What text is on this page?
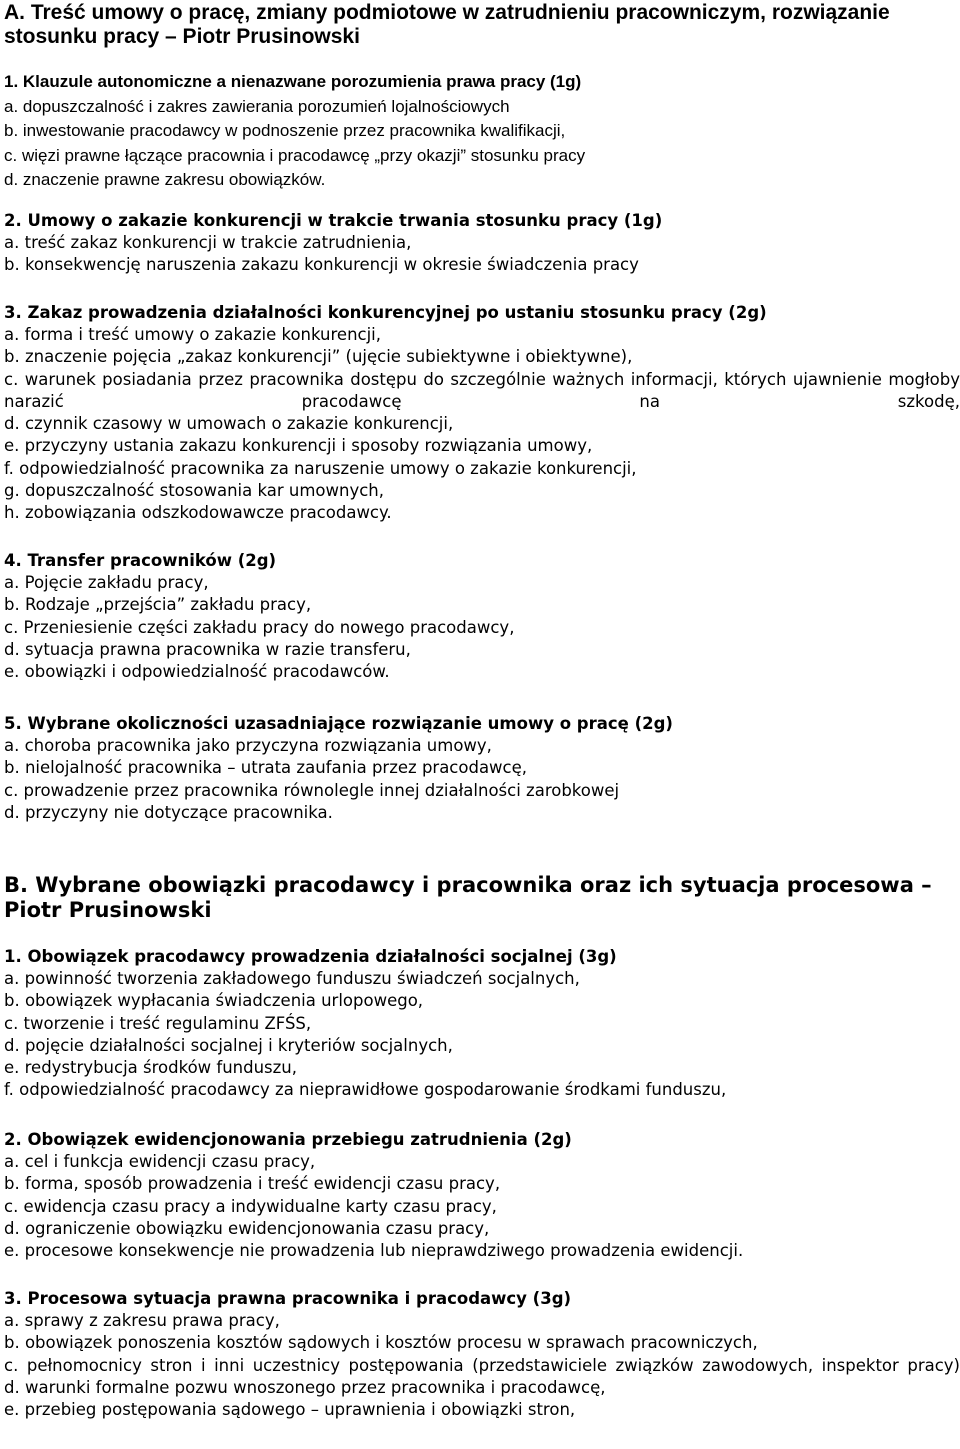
A. Treść umowy o pracę, zmiany podmiotowe w zatrudnieniu pracowniczym, rozwiązanie stosunku pracy – Piotr Prusinowski

1. Klauzule autonomiczne a nienazwane porozumienia prawa pracy (1g)

a. dopuszczalność i zakres zawierania porozumień lojalnościowych

b. inwestowanie pracodawcy w podnoszenie przez pracownika kwalifikacji,

c. więzi prawne łączące pracownia i pracodawcę „przy okazji” stosunku pracy

d. znaczenie prawne zakresu obowiązków.

2. Umowy o zakazie konkurencji w trakcie trwania stosunku pracy (1g)

a. treść zakaz konkurencji w trakcie zatrudnienia,

b. konsekwencję naruszenia zakazu konkurencji w okresie świadczenia pracy

3. Zakaz prowadzenia działalności konkurencyjnej po ustaniu stosunku pracy (2g)

a. forma i treść umowy o zakazie konkurencji,

b. znaczenie pojęcia „zakaz konkurencji” (ujęcie subiektywne i obiektywne),

c. warunek posiadania przez pracownika dostępu do szczególnie ważnych informacji, których ujawnienie mogłoby narazić pracodawcę na szkodę,

d. czynnik czasowy w umowach o zakazie konkurencji,

e. przyczyny ustania zakazu konkurencji i sposoby rozwiązania umowy,

f. odpowiedzialność pracownika za naruszenie umowy o zakazie konkurencji,

g. dopuszczalność stosowania kar umownych,

h. zobowiązania odszkodowawcze pracodawcy.

4. Transfer pracowników (2g)

a. Pojęcie zakładu pracy,

b. Rodzaje „przejścia” zakładu pracy,

c. Przeniesienie części zakładu pracy do nowego pracodawcy,

d. sytuacja prawna pracownika w razie transferu,

e. obowiązki i odpowiedzialność pracodawców.

5. Wybrane okoliczności uzasadniające rozwiązanie umowy o pracę (2g)

a. choroba pracownika jako przyczyna rozwiązania umowy,

b. nielojalność pracownika – utrata zaufania przez pracodawcę,

c. prowadzenie przez pracownika równolegle innej działalności zarobkowej

d. przyczyny nie dotyczące pracownika.

B. Wybrane obowiązki pracodawcy i pracownika oraz ich sytuacja procesowa – Piotr Prusinowski

1. Obowiązek pracodawcy prowadzenia działalności socjalnej (3g)

a. powinność tworzenia zakładowego funduszu świadczeń socjalnych,

b. obowiązek wypłacania świadczenia urlopowego,

c. tworzenie i treść regulaminu ZFŚS,

d. pojęcie działalności socjalnej i kryteriów socjalnych,

e. redystrybucja środków funduszu,

f. odpowiedzialność pracodawcy za nieprawidłowe gospodarowanie środkami funduszu,

2. Obowiązek ewidencjonowania przebiegu zatrudnienia (2g)

a. cel i funkcja ewidencji czasu pracy,

b. forma, sposób prowadzenia i treść ewidencji czasu pracy,

c. ewidencja czasu pracy a indywidualne karty czasu pracy,

d. ograniczenie obowiązku ewidencjonowania czasu pracy,

e. procesowe konsekwencje nie prowadzenia lub nieprawdziwego prowadzenia ewidencji.

3. Procesowa sytuacja prawna pracownika i pracodawcy (3g)

a. sprawy z zakresu prawa pracy,

b. obowiązek ponoszenia kosztów sądowych i kosztów procesu w sprawach pracowniczych,

c. pełnomocnicy stron i inni uczestnicy postępowania (przedstawiciele związków zawodowych, inspektor pracy)

d. warunki formalne pozwu wnoszonego przez pracownika i pracodawcę,

e. przebieg postępowania sądowego – uprawnienia i obowiązki stron,
